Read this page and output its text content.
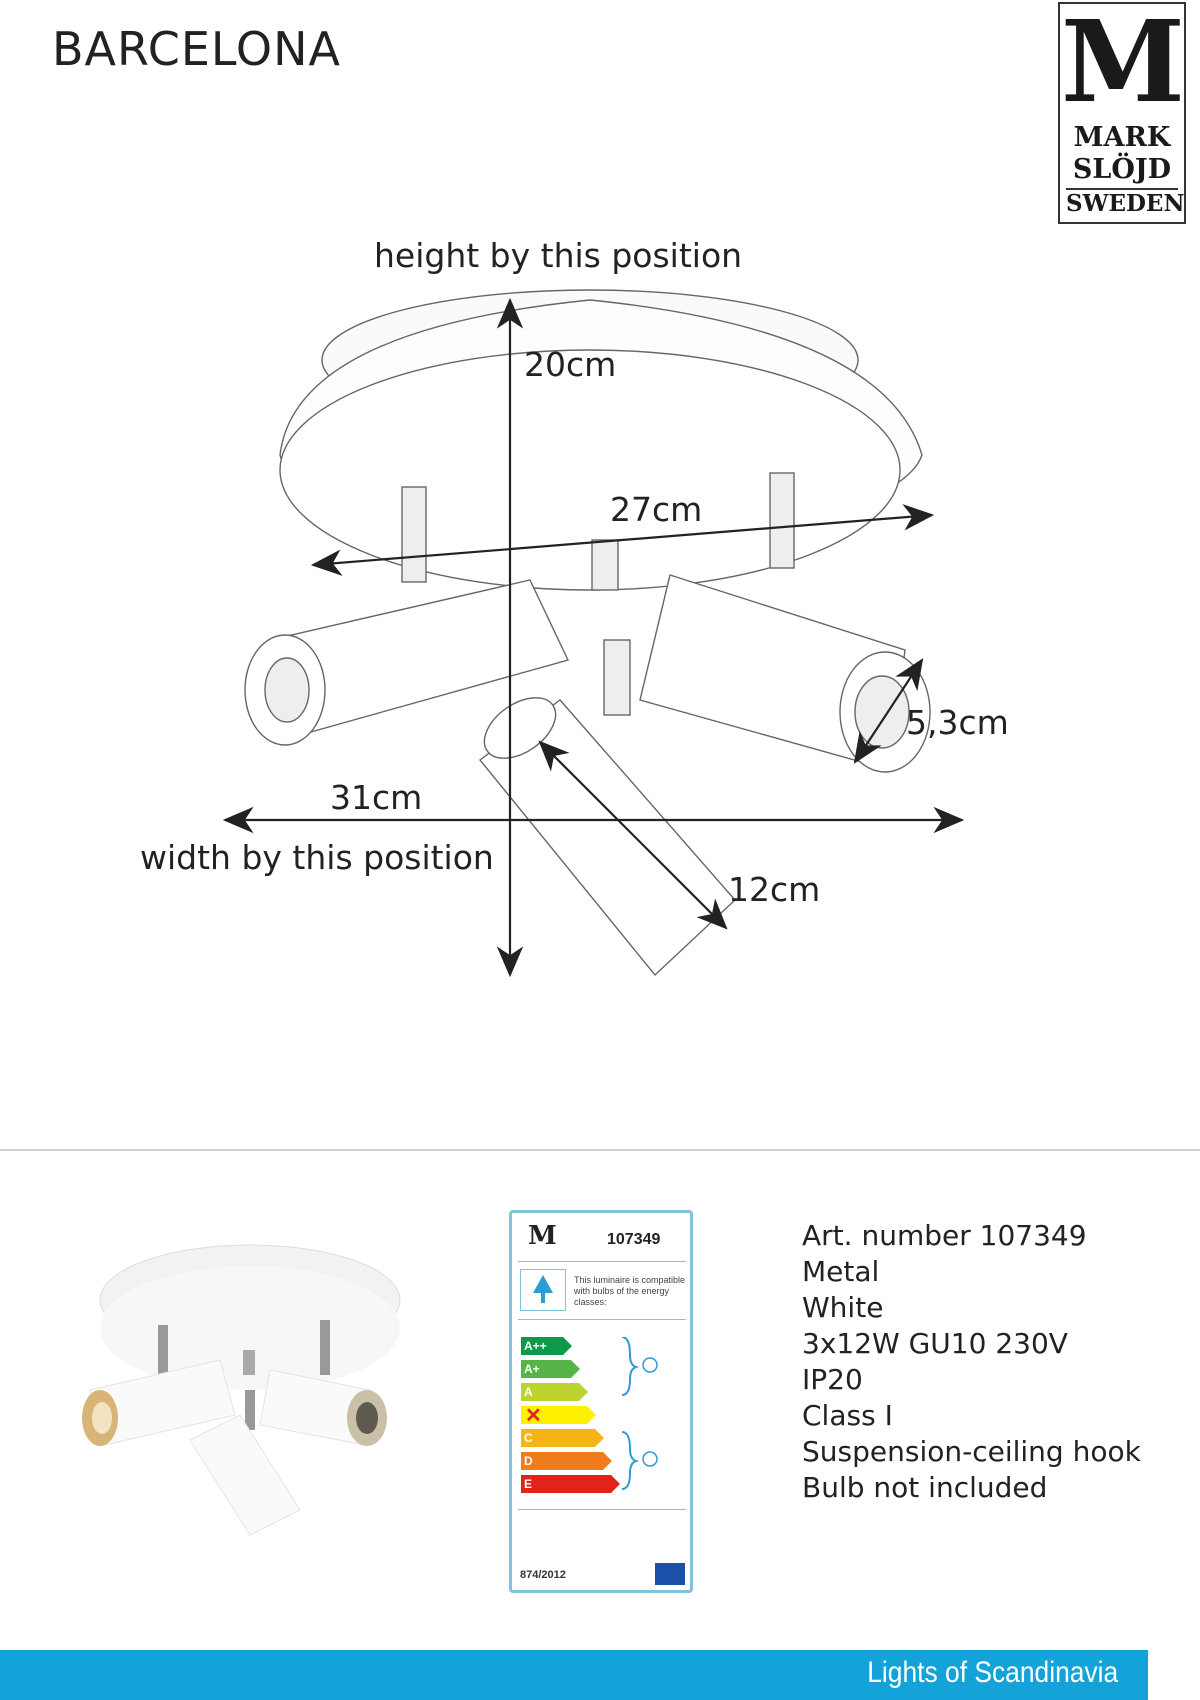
BARCELONA	M
MARK
SLÖJD
SWEDEN
height by this position
20cm
27cm
5,3cm
31cm
width by this position
12cm
M	107349
This luminaire is compatible with bulbs of the energy classes:
A++
A+
A
C
D
E
✕
874/2012
Art. number 107349
Metal
White
3x12W GU10 230V
IP20
Class I
Suspension-ceiling hook
Bulb not included
Lights of Scandinavia
